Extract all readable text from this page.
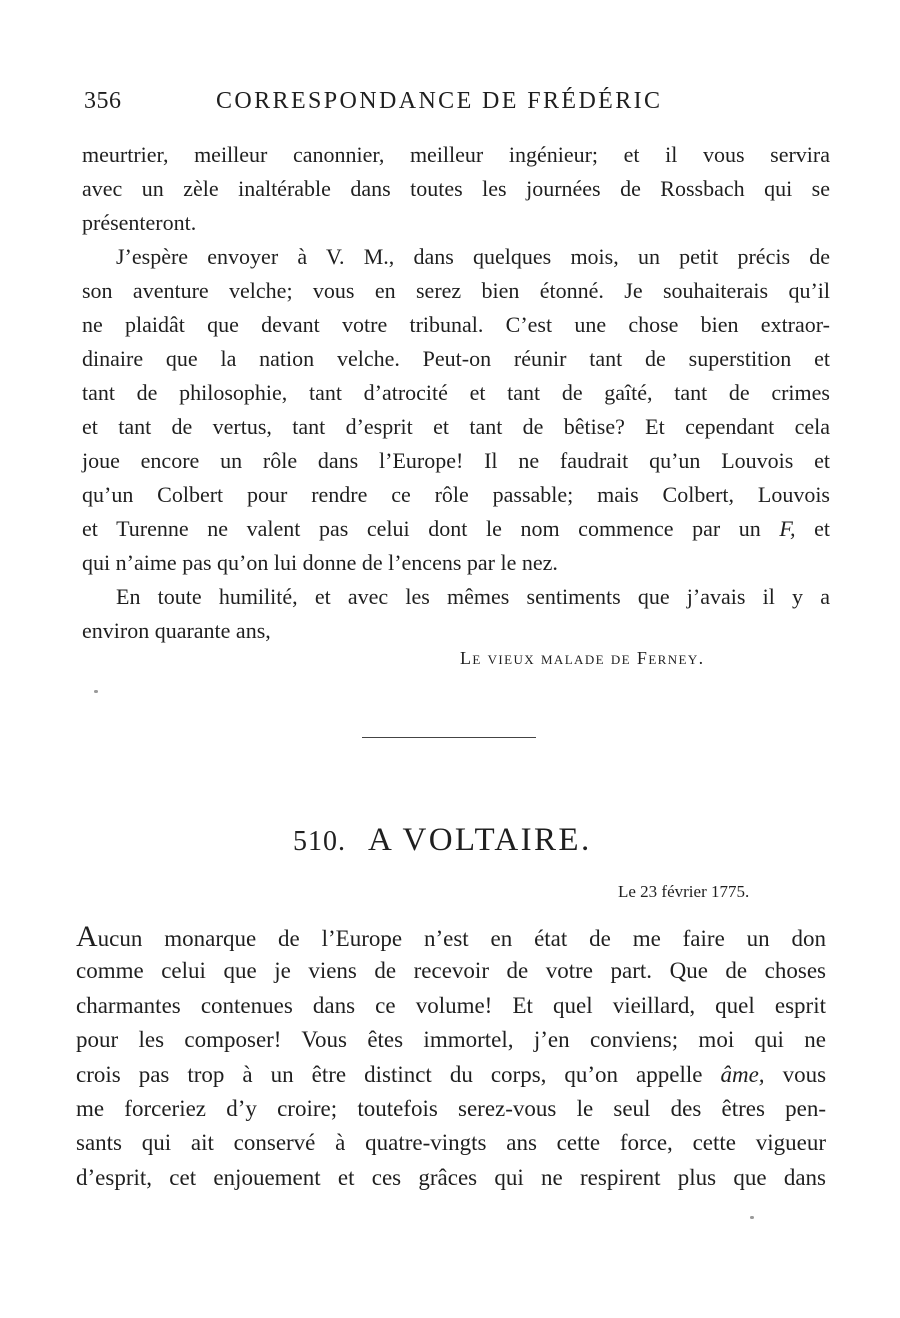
356	CORRESPONDANCE DE FRÉDÉRIC
meurtrier, meilleur canonnier, meilleur ingénieur; et il vous servira
avec un zèle inaltérable dans toutes les journées de Rossbach qui se
présenteront.
J’espère envoyer à V. M., dans quelques mois, un petit précis de
son aventure velche; vous en serez bien étonné. Je souhaiterais qu’il
ne plaidât que devant votre tribunal. C’est une chose bien extraor-
dinaire que la nation velche. Peut-on réunir tant de superstition et
tant de philosophie, tant d’atrocité et tant de gaîté, tant de crimes
et tant de vertus, tant d’esprit et tant de bêtise? Et cependant cela
joue encore un rôle dans l’Europe! Il ne faudrait qu’un Louvois et
qu’un Colbert pour rendre ce rôle passable; mais Colbert, Louvois
et Turenne ne valent pas celui dont le nom commence par un F, et
qui n’aime pas qu’on lui donne de l’encens par le nez.
En toute humilité, et avec les mêmes sentiments que j’avais il y a
environ quarante ans,
Le vieux malade de Ferney.
510. A VOLTAIRE.
Le 23 février 1775.
Aucun monarque de l’Europe n’est en état de me faire un don
comme celui que je viens de recevoir de votre part. Que de choses
charmantes contenues dans ce volume! Et quel vieillard, quel esprit
pour les composer! Vous êtes immortel, j’en conviens; moi qui ne
crois pas trop à un être distinct du corps, qu’on appelle âme, vous
me forceriez d’y croire; toutefois serez-vous le seul des êtres pen-
sants qui ait conservé à quatre-vingts ans cette force, cette vigueur
d’esprit, cet enjouement et ces grâces qui ne respirent plus que dans
